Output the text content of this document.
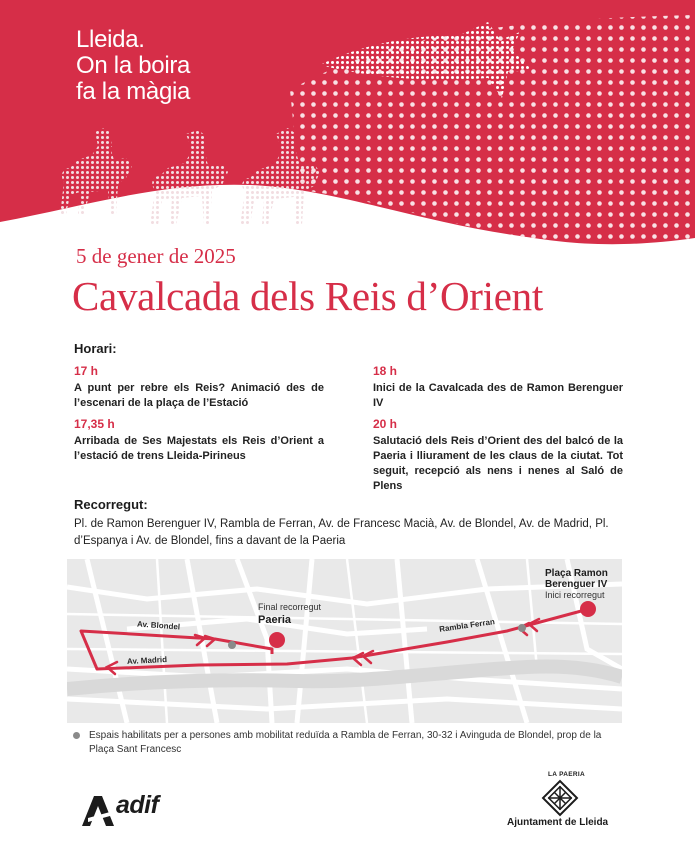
Lleida.
On la boira
fa la màgia
5 de gener de 2025
Cavalcada dels Reis d’Orient
Horari:
17 h
A punt per rebre els Reis? Animació des de l’escenari de la plaça de l’Estació
17,35 h
Arribada de Ses Majestats els Reis d’Orient a l’estació de trens Lleida-Pirineus
18 h
Inici de la Cavalcada des de Ramon Berenguer IV
20 h
Salutació dels Reis d’Orient des del balcó de la Paeria i lliurament de les claus de la ciutat. Tot seguit, recepció als nens i nenes al Saló de Plens
Recorregut:
Pl. de Ramon Berenguer IV, Rambla de Ferran, Av. de Francesc Macià, Av. de Blondel, Av. de Madrid, Pl. d’Espanya i Av. de Blondel, fins a davant de la Paeria
Plaça Ramon
Berenguer IV
Inici recorregut
Final recorregut
Paeria
Av. Blondel	Rambla Ferran
Av. Madrid
Espais habilitats per a persones amb mobilitat reduïda a Rambla de Ferran, 30-32 i Avinguda de Blondel, prop de la Plaça Sant Francesc
adif
LA PAERIA
Ajuntament de Lleida
